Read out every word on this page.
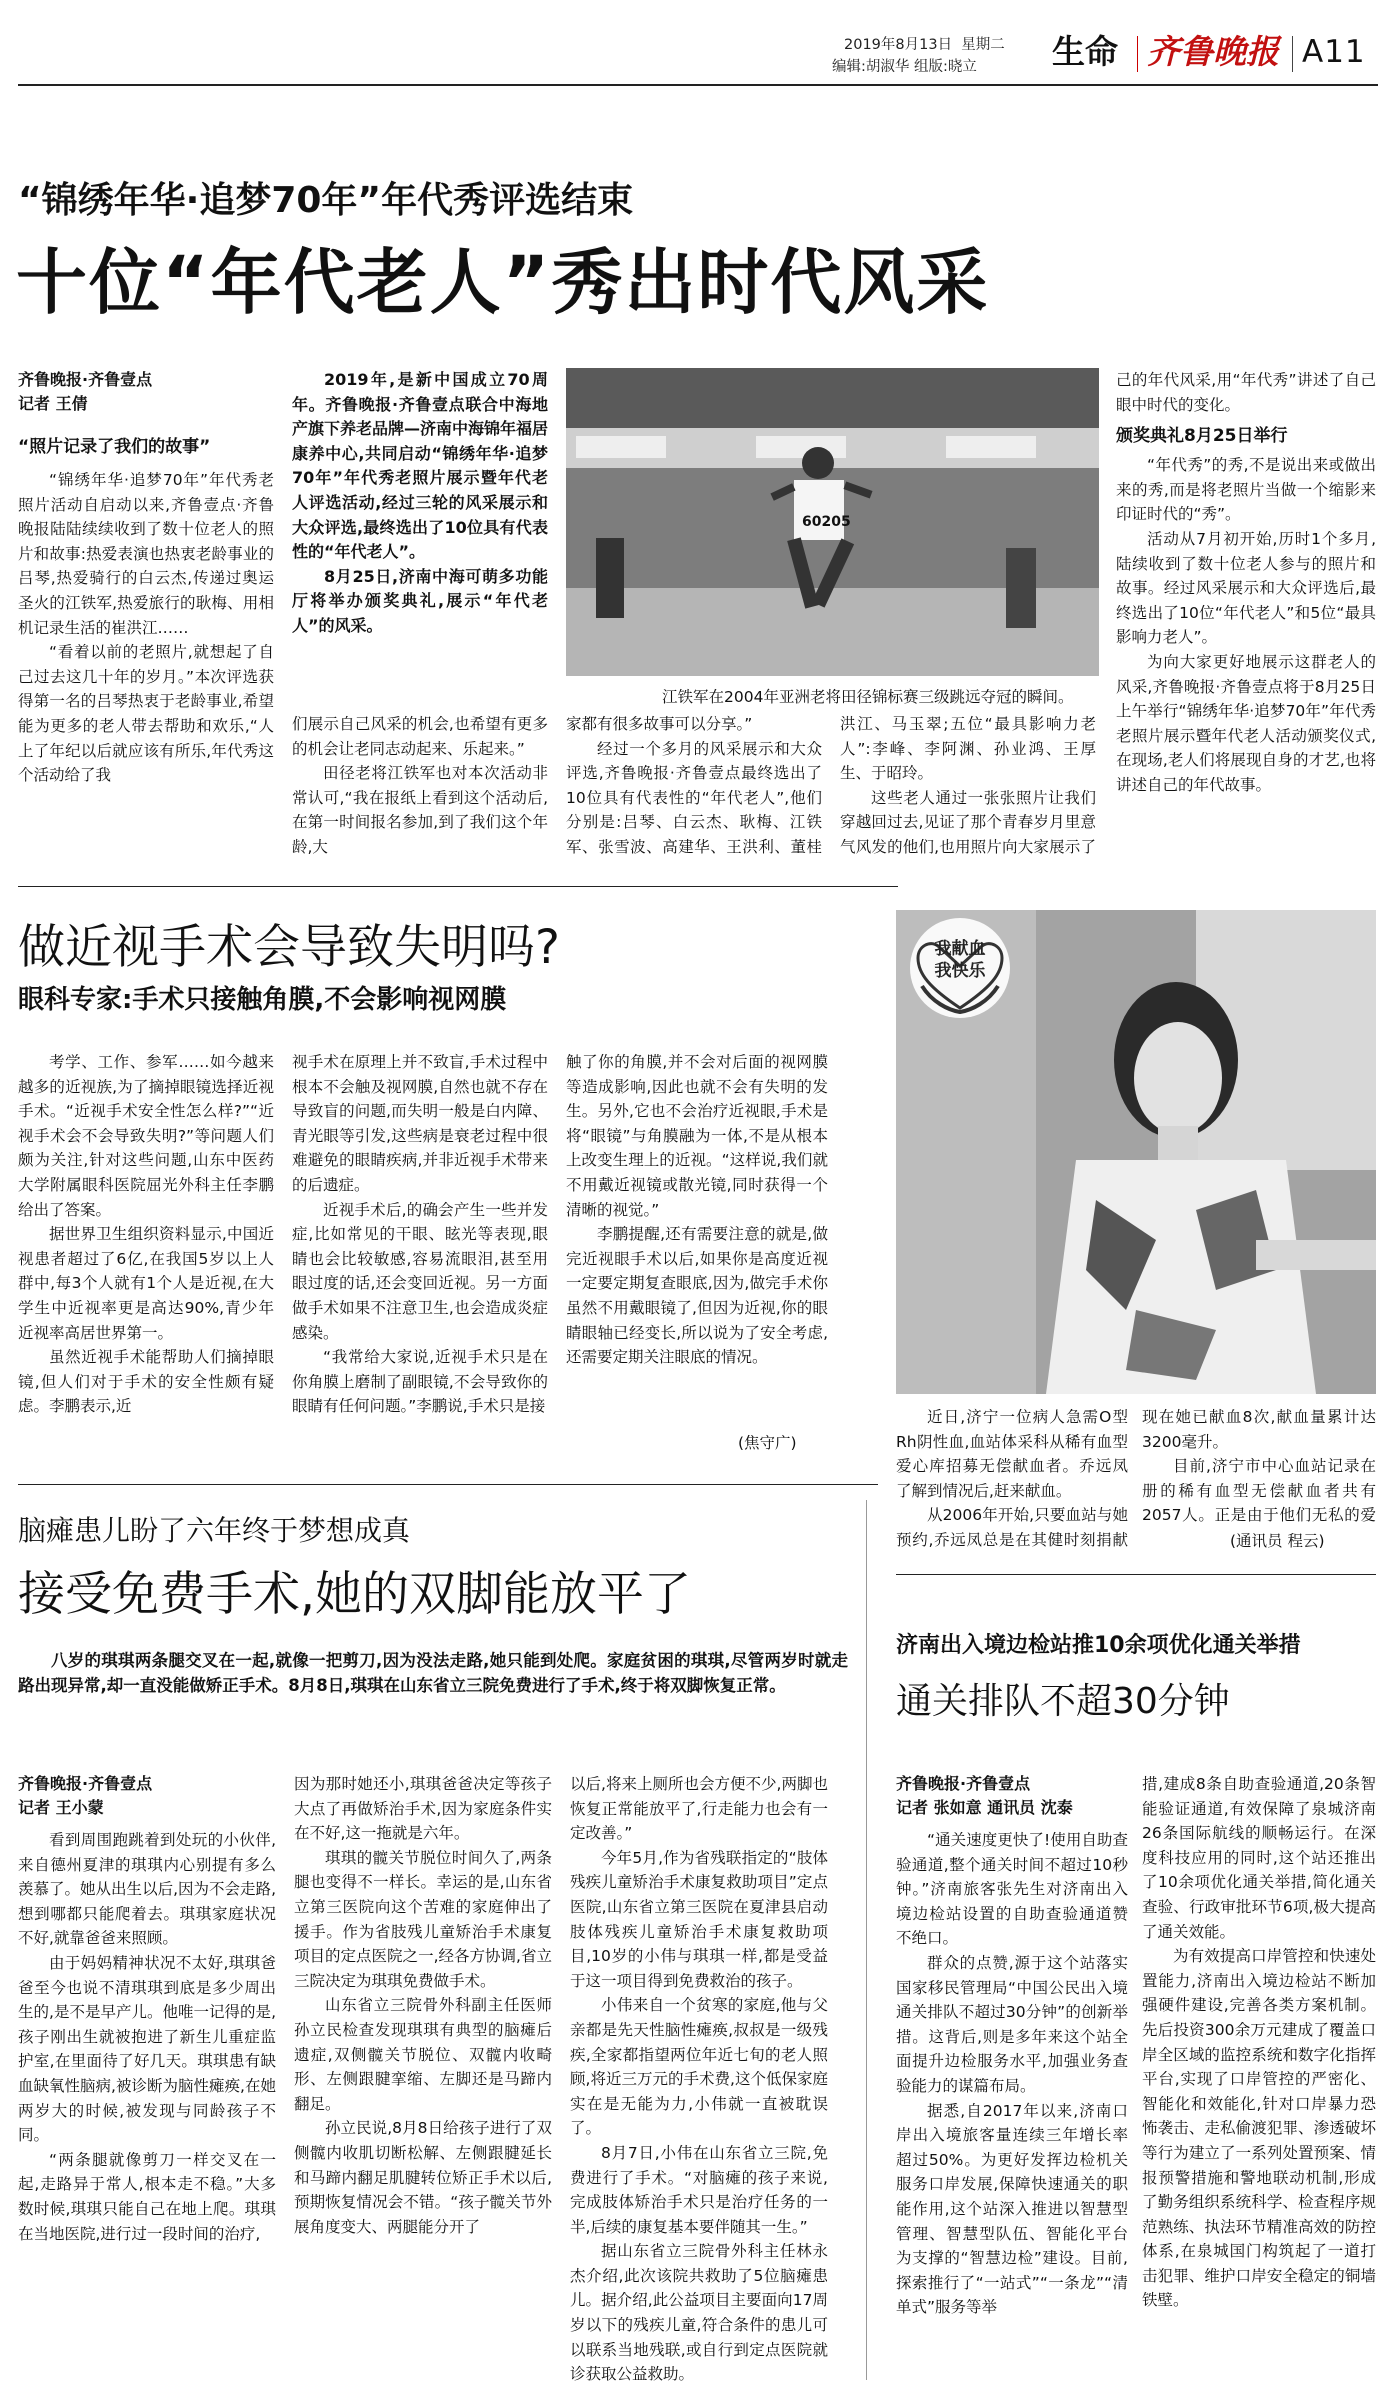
2019年8月13日 星期二
编辑:胡淑华 组版:晓立 生命 齐鲁晚报 A11
“锦绣年华·追梦70年”年代秀评选结束
十位“年代老人”秀出时代风采

齐鲁晚报·齐鲁壹点

记者 王倩

“照片记录了我们的故事”

“锦绣年华·追梦70年”年代秀老照片活动自启动以来,齐鲁壹点·齐鲁晚报陆陆续续收到了数十位老人的照片和故事:热爱表演也热衷老龄事业的吕琴,热爱骑行的白云杰,传递过奥运圣火的江铁军,热爱旅行的耿梅、用相机记录生活的崔洪江……

“看着以前的老照片,就想起了自己过去这几十年的岁月。”本次评选获得第一名的吕琴热衷于老龄事业,希望能为更多的老人带去帮助和欢乐,“人上了年纪以后就应该有所乐,年代秀这个活动给了我

2019年,是新中国成立70周年。齐鲁晚报·齐鲁壹点联合中海地产旗下养老品牌—济南中海锦年福居康养中心,共同启动“锦绣年华·追梦70年”年代秀老照片展示暨年代老人评选活动,经过三轮的风采展示和大众评选,最终选出了10位具有代表性的“年代老人”。

8月25日,济南中海可萌多功能厅将举办颁奖典礼,展示“年代老人”的风采。

60205
江铁军在2004年亚洲老将田径锦标赛三级跳远夺冠的瞬间。

们展示自己风采的机会,也希望有更多的机会让老同志动起来、乐起来。”

田径老将江铁军也对本次活动非常认可,“我在报纸上看到这个活动后,在第一时间报名参加,到了我们这个年龄,大

家都有很多故事可以分享。”

经过一个多月的风采展示和大众评选,齐鲁晚报·齐鲁壹点最终选出了10位具有代表性的“年代老人”,他们分别是:吕琴、白云杰、耿梅、江铁军、张雪波、高建华、王洪利、董桂

洪江、马玉翠;五位“最具影响力老人”:李峰、李阿渊、孙业鸿、王厚生、于昭玲。

这些老人通过一张张照片让我们穿越回过去,见证了那个青春岁月里意气风发的他们,也用照片向大家展示了

己的年代风采,用“年代秀”讲述了自己眼中时代的变化。

颁奖典礼8月25日举行

“年代秀”的秀,不是说出来或做出来的秀,而是将老照片当做一个缩影来印证时代的“秀”。

活动从7月初开始,历时1个多月,陆续收到了数十位老人参与的照片和故事。经过风采展示和大众评选后,最终选出了10位“年代老人”和5位“最具影响力老人”。

为向大家更好地展示这群老人的风采,齐鲁晚报·齐鲁壹点将于8月25日上午举行“锦绣年华·追梦70年”年代秀老照片展示暨年代老人活动颁奖仪式,在现场,老人们将展现自身的才艺,也将讲述自己的年代故事。

做近视手术会导致失明吗?
眼科专家:手术只接触角膜,不会影响视网膜

考学、工作、参军……如今越来越多的近视族,为了摘掉眼镜选择近视手术。“近视手术安全性怎么样?”“近视手术会不会导致失明?”等问题人们颇为关注,针对这些问题,山东中医药大学附属眼科医院屈光外科主任李鹏给出了答案。

据世界卫生组织资料显示,中国近视患者超过了6亿,在我国5岁以上人群中,每3个人就有1个人是近视,在大学生中近视率更是高达90%,青少年近视率高居世界第一。

虽然近视手术能帮助人们摘掉眼镜,但人们对于手术的安全性颇有疑虑。李鹏表示,近

视手术在原理上并不致盲,手术过程中根本不会触及视网膜,自然也就不存在导致盲的问题,而失明一般是白内障、青光眼等引发,这些病是衰老过程中很难避免的眼睛疾病,并非近视手术带来的后遗症。

近视手术后,的确会产生一些并发症,比如常见的干眼、眩光等表现,眼睛也会比较敏感,容易流眼泪,甚至用眼过度的话,还会变回近视。另一方面做手术如果不注意卫生,也会造成炎症感染。

“我常给大家说,近视手术只是在你角膜上磨制了副眼镜,不会导致你的眼睛有任何问题。”李鹏说,手术只是接

触了你的角膜,并不会对后面的视网膜等造成影响,因此也就不会有失明的发生。另外,它也不会治疗近视眼,手术是将“眼镜”与角膜融为一体,不是从根本上改变生理上的近视。“这样说,我们就不用戴近视镜或散光镜,同时获得一个清晰的视觉。”

李鹏提醒,还有需要注意的就是,做完近视眼手术以后,如果你是高度近视一定要定期复查眼底,因为,做完手术你虽然不用戴眼镜了,但因为近视,你的眼睛眼轴已经变长,所以说为了安全考虑,还需要定期关注眼底的情况。

(焦守广)
我献血
我快乐

近日,济宁一位病人急需O型Rh阴性血,血站体采科从稀有血型爱心库招募无偿献血者。乔远凤了解到情况后,赶来献血。

从2006年开始,只要血站与她预约,乔远凤总是在其健时刻捐献

现在她已献血8次,献血量累计达3200毫升。

目前,济宁市中心血站记录在册的稀有血型无偿献血者共有2057人。正是由于他们无私的爱

(通讯员 程云)
脑瘫患儿盼了六年终于梦想成真
接受免费手术,她的双脚能放平了
八岁的琪琪两条腿交叉在一起,就像一把剪刀,因为没法走路,她只能到处爬。家庭贫困的琪琪,尽管两岁时就走路出现异常,却一直没能做矫正手术。8月8日,琪琪在山东省立三院免费进行了手术,终于将双脚恢复正常。

齐鲁晚报·齐鲁壹点

记者 王小蒙

看到周围跑跳着到处玩的小伙伴,来自德州夏津的琪琪内心别提有多么羡慕了。她从出生以后,因为不会走路,想到哪都只能爬着去。琪琪家庭状况不好,就靠爸爸来照顾。

由于妈妈精神状况不太好,琪琪爸爸至今也说不清琪琪到底是多少周出生的,是不是早产儿。他唯一记得的是,孩子刚出生就被抱进了新生儿重症监护室,在里面待了好几天。琪琪患有缺血缺氧性脑病,被诊断为脑性瘫痪,在她两岁大的时候,被发现与同龄孩子不同。

“两条腿就像剪刀一样交叉在一起,走路异于常人,根本走不稳。”大多数时候,琪琪只能自己在地上爬。琪琪在当地医院,进行过一段时间的治疗,

因为那时她还小,琪琪爸爸决定等孩子大点了再做矫治手术,因为家庭条件实在不好,这一拖就是六年。

琪琪的髋关节脱位时间久了,两条腿也变得不一样长。幸运的是,山东省立第三医院向这个苦难的家庭伸出了援手。作为省肢残儿童矫治手术康复项目的定点医院之一,经各方协调,省立三院决定为琪琪免费做手术。

山东省立三院骨外科副主任医师孙立民检查发现琪琪有典型的脑瘫后遗症,双侧髋关节脱位、双髋内收畸形、左侧跟腱挛缩、左脚还是马蹄内翻足。

孙立民说,8月8日给孩子进行了双侧髋内收肌切断松解、左侧跟腱延长和马蹄内翻足肌腱转位矫正手术以后,预期恢复情况会不错。“孩子髋关节外展角度变大、两腿能分开了

以后,将来上厕所也会方便不少,两脚也恢复正常能放平了,行走能力也会有一定改善。”

今年5月,作为省残联指定的“肢体残疾儿童矫治手术康复救助项目”定点医院,山东省立第三医院在夏津县启动肢体残疾儿童矫治手术康复救助项目,10岁的小伟与琪琪一样,都是受益于这一项目得到免费救治的孩子。

小伟来自一个贫寒的家庭,他与父亲都是先天性脑性瘫痪,叔叔是一级残疾,全家都指望两位年近七旬的老人照顾,将近三万元的手术费,这个低保家庭实在是无能为力,小伟就一直被耽误了。

8月7日,小伟在山东省立三院,免费进行了手术。“对脑瘫的孩子来说,完成肢体矫治手术只是治疗任务的一半,后续的康复基本要伴随其一生。”

据山东省立三院骨外科主任林永杰介绍,此次该院共救助了5位脑瘫患儿。据介绍,此公益项目主要面向17周岁以下的残疾儿童,符合条件的患儿可以联系当地残联,或自行到定点医院就诊获取公益救助。

济南出入境边检站推10余项优化通关举措
通关排队不超30分钟

齐鲁晚报·齐鲁壹点

记者 张如意 通讯员 沈泰

“通关速度更快了!使用自助查验通道,整个通关时间不超过10秒钟。”济南旅客张先生对济南出入境边检站设置的自助查验通道赞不绝口。

群众的点赞,源于这个站落实国家移民管理局“中国公民出入境通关排队不超过30分钟”的创新举措。这背后,则是多年来这个站全面提升边检服务水平,加强业务查验能力的谋篇布局。

据悉,自2017年以来,济南口岸出入境旅客量连续三年增长率超过50%。为更好发挥边检机关服务口岸发展,保障快速通关的职能作用,这个站深入推进以智慧型管理、智慧型队伍、智能化平台为支撑的“智慧边检”建设。目前,探索推行了“一站式”“一条龙”“清单式”服务等举

措,建成8条自助查验通道,20条智能验证通道,有效保障了泉城济南26条国际航线的顺畅运行。在深度科技应用的同时,这个站还推出了10余项优化通关举措,简化通关查验、行政审批环节6项,极大提高了通关效能。

为有效提高口岸管控和快速处置能力,济南出入境边检站不断加强硬件建设,完善各类方案机制。先后投资300余万元建成了覆盖口岸全区域的监控系统和数字化指挥平台,实现了口岸管控的严密化、智能化和效能化,针对口岸暴力恐怖袭击、走私偷渡犯罪、渗透破坏等行为建立了一系列处置预案、情报预警措施和警地联动机制,形成了勤务组织系统科学、检查程序规范熟练、执法环节精准高效的防控体系,在泉城国门构筑起了一道打击犯罪、维护口岸安全稳定的铜墙铁壁。
